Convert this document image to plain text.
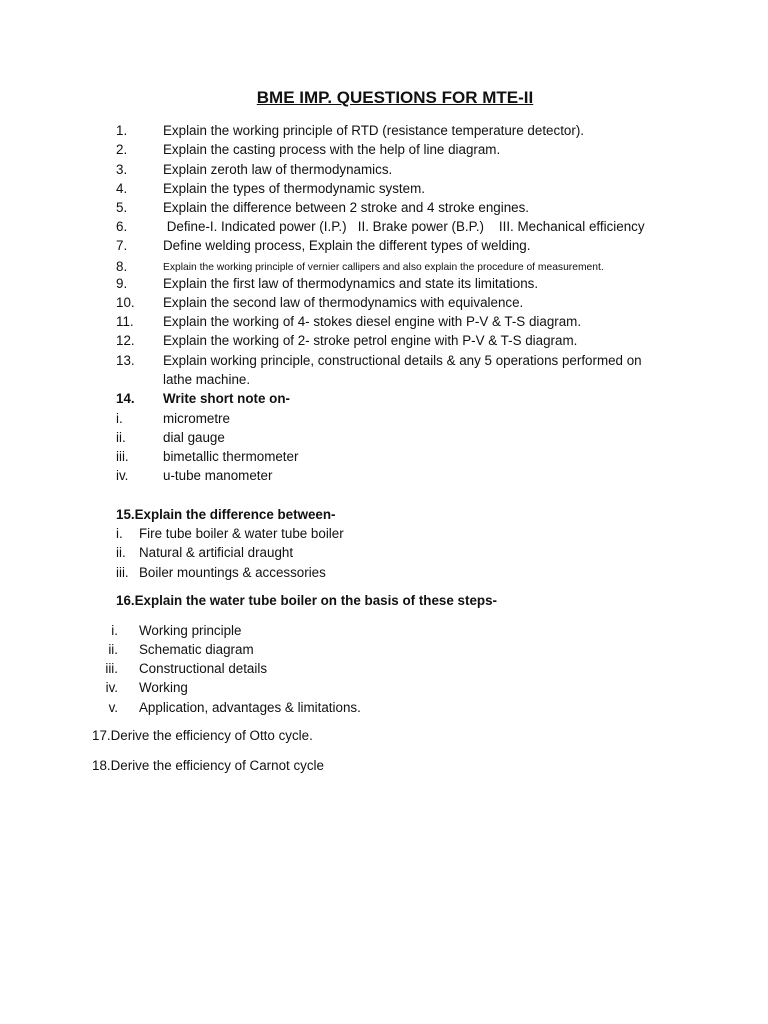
BME IMP. QUESTIONS FOR MTE-II
1.	Explain the working principle of RTD (resistance temperature detector).
2.	Explain the casting process with the help of line diagram.
3.	Explain zeroth law of thermodynamics.
4.	Explain the types of thermodynamic system.
5.	Explain the difference between 2 stroke and 4 stroke engines.
6.	Define-I. Indicated power (I.P.)   II. Brake power (B.P.)    III. Mechanical efficiency
7.	Define welding process, Explain the different types of welding.
8.	Explain the working principle of vernier callipers and also explain the procedure of measurement.
9.	Explain the first law of thermodynamics and state its limitations.
10. Explain the second law of thermodynamics with equivalence.
11. Explain the working of 4- stokes diesel engine with P-V & T-S diagram.
12. Explain the working of 2- stroke petrol engine with P-V & T-S diagram.
13. Explain working principle, constructional details & any 5 operations performed on
lathe machine.
14. Write short note on-
i.	micrometre
ii.	dial gauge
iii.	bimetallic thermometer
iv.	u-tube manometer
15.Explain the difference between-
i. Fire tube boiler & water tube boiler
ii. Natural & artificial draught
iii. Boiler mountings & accessories
16.Explain the water tube boiler on the basis of these steps-
i. Working principle
ii. Schematic diagram
iii. Constructional details
iv. Working
v. Application, advantages & limitations.
17.Derive the efficiency of Otto cycle.
18.Derive the efficiency of Carnot cycle
